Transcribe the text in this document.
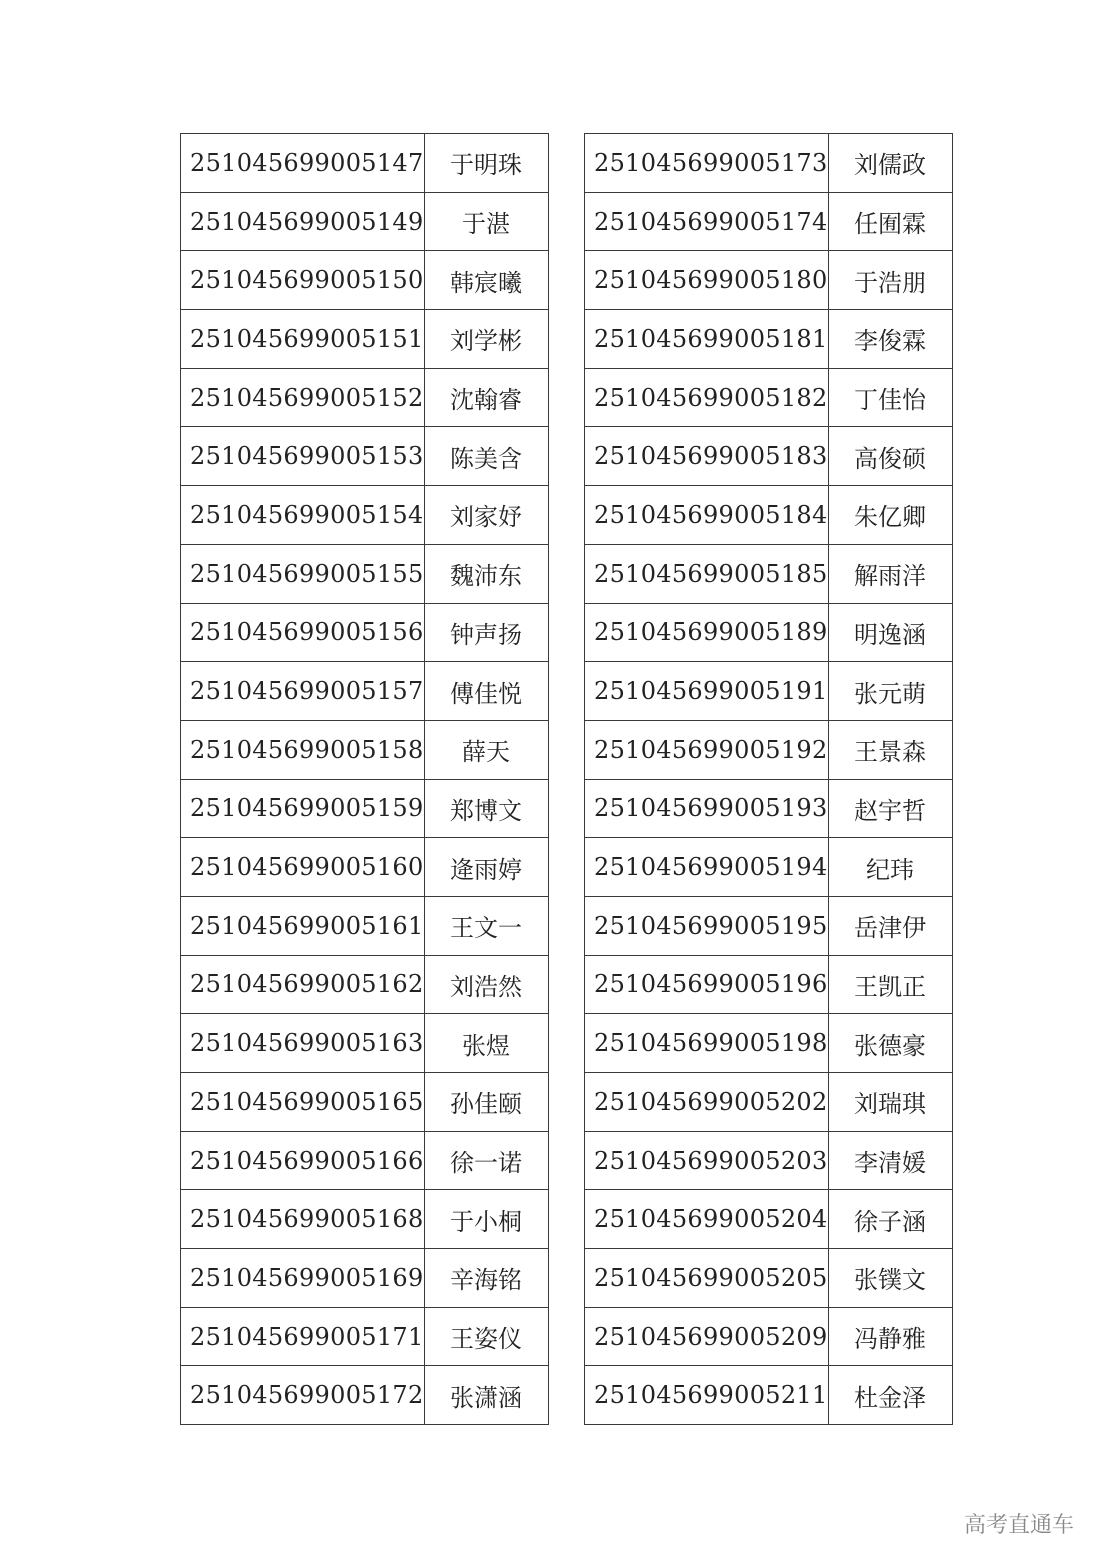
251045699005147	于明珠
251045699005149	于湛
251045699005150	韩宸曦
251045699005151	刘学彬
251045699005152	沈翰睿
251045699005153	陈美含
251045699005154	刘家妤
251045699005155	魏沛东
251045699005156	钟声扬
251045699005157	傅佳悦
251045699005158	薛天
251045699005159	郑博文
251045699005160	逄雨婷
251045699005161	王文一
251045699005162	刘浩然
251045699005163	张煜
251045699005165	孙佳颐
251045699005166	徐一诺
251045699005168	于小桐
251045699005169	辛海铭
251045699005171	王姿仪
251045699005172	张潇涵
251045699005173	刘儒政
251045699005174	任囿霖
251045699005180	于浩朋
251045699005181	李俊霖
251045699005182	丁佳怡
251045699005183	高俊硕
251045699005184	朱亿卿
251045699005185	解雨洋
251045699005189	明逸涵
251045699005191	张元萌
251045699005192	王景森
251045699005193	赵宇哲
251045699005194	纪玮
251045699005195	岳津伊
251045699005196	王凯正
251045699005198	张德豪
251045699005202	刘瑞琪
251045699005203	李清媛
251045699005204	徐子涵
251045699005205	张镤文
251045699005209	冯静雅
251045699005211	杜金泽
高考直通车
